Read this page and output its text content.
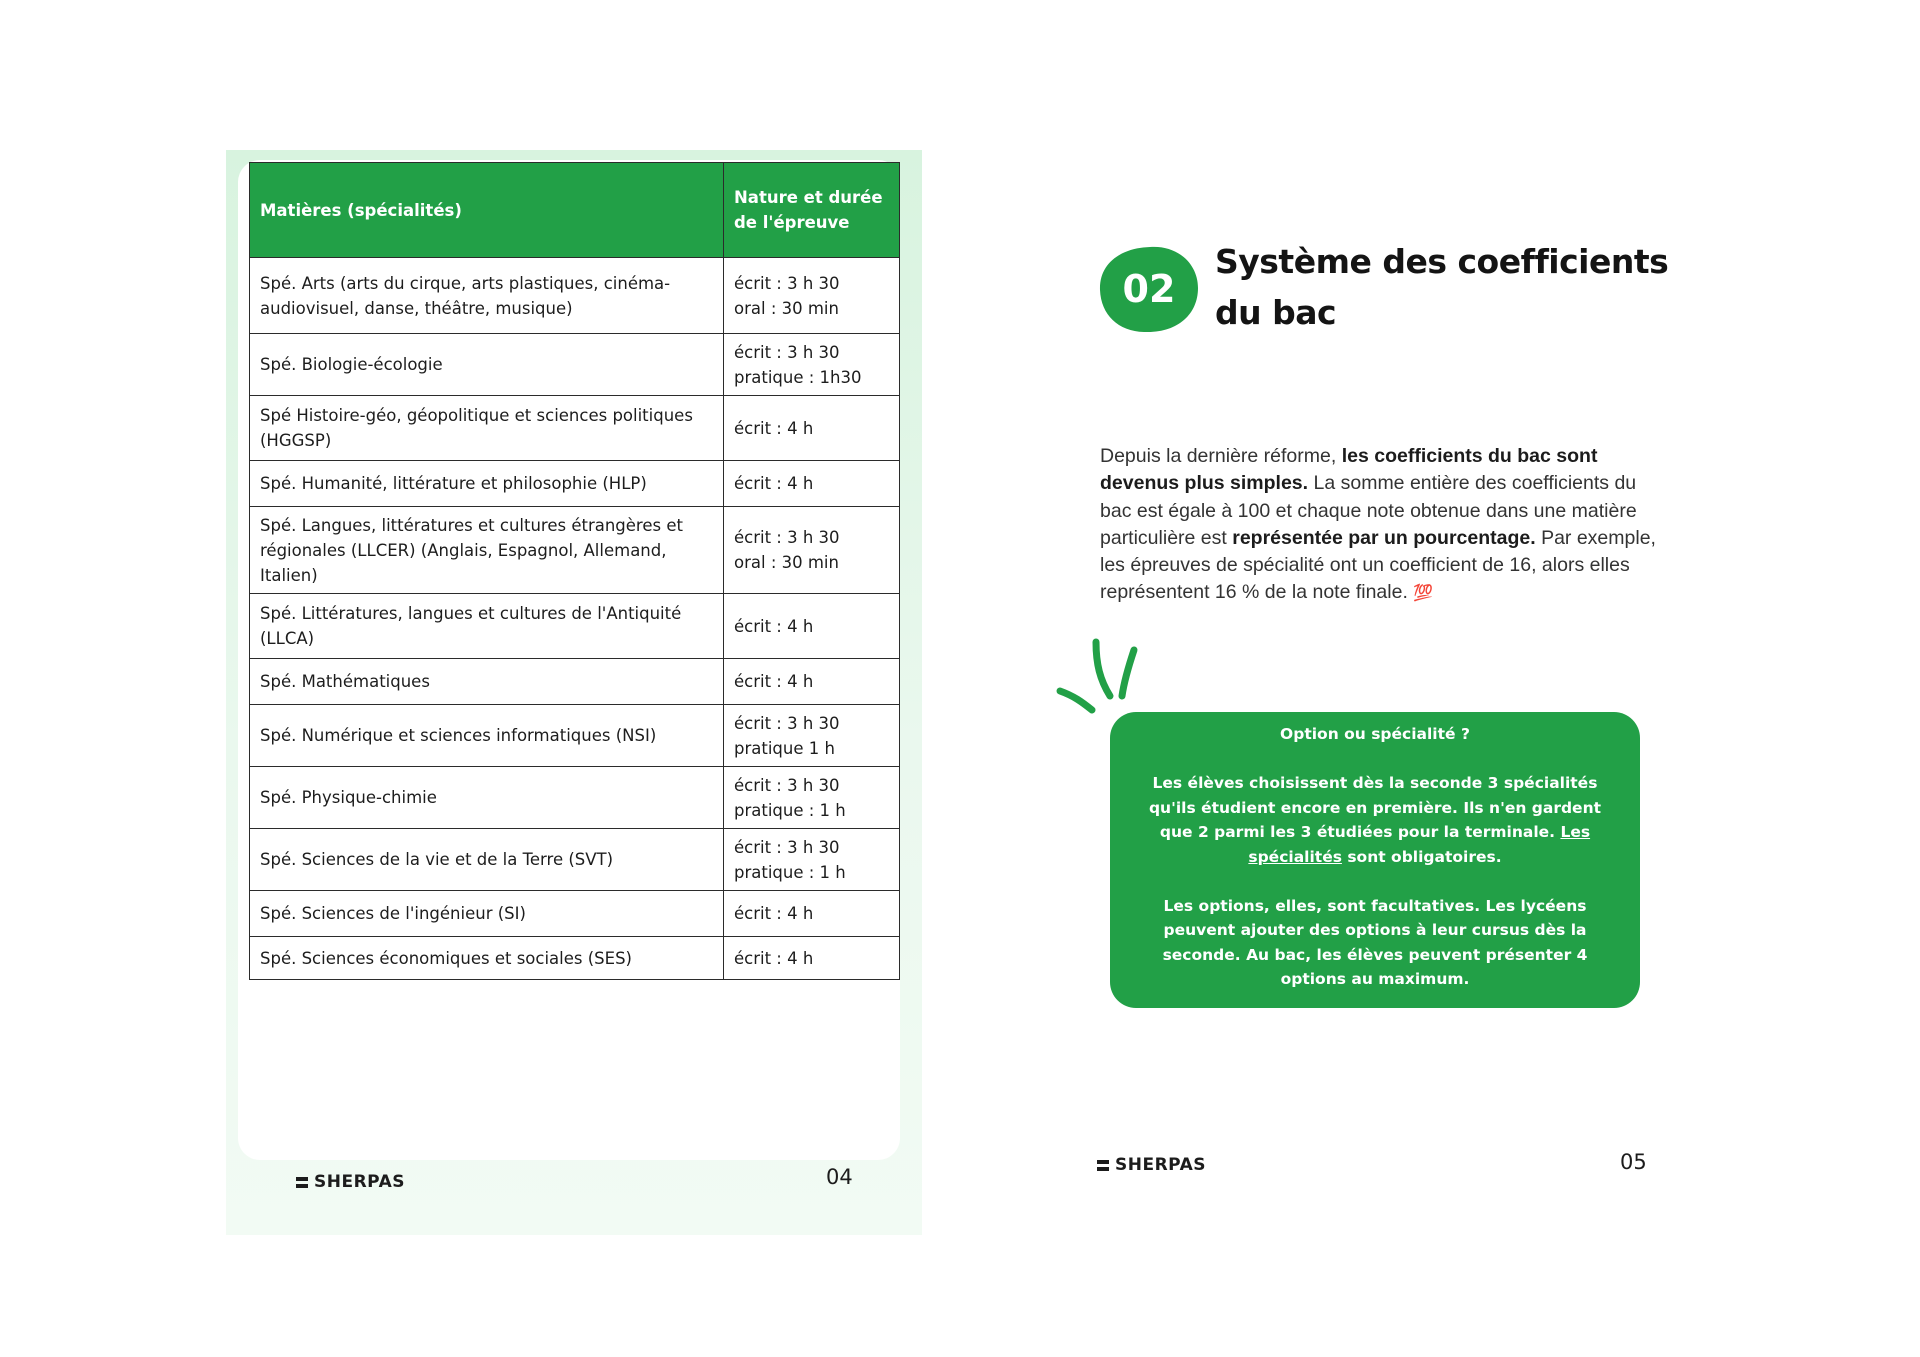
Matières (spécialités)	Nature et durée
de l'épreuve

Spé. Arts (arts du cirque, arts plastiques, cinéma-
audiovisuel, danse, théâtre, musique)	écrit : 3 h 30
oral : 30 min

Spé. Biologie-écologie	écrit : 3 h 30
pratique : 1h30

Spé Histoire-géo, géopolitique et sciences politiques
(HGGSP)	écrit : 4 h

Spé. Humanité, littérature et philosophie (HLP)	écrit : 4 h

Spé. Langues, littératures et cultures étrangères et
régionales (LLCER) (Anglais, Espagnol, Allemand,
Italien)	écrit : 3 h 30
oral : 30 min

Spé. Littératures, langues et cultures de l'Antiquité
(LLCA)	écrit : 4 h

Spé. Mathématiques	écrit : 4 h

Spé. Numérique et sciences informatiques (NSI)	écrit : 3 h 30
pratique 1 h

Spé. Physique-chimie	écrit : 3 h 30
pratique : 1 h

Spé. Sciences de la vie et de la Terre (SVT)	écrit : 3 h 30
pratique : 1 h

Spé. Sciences de l'ingénieur (SI)	écrit : 4 h

Spé. Sciences économiques et sociales (SES)	écrit : 4 h
SHERPAS	04
02
Système des coefficients du bac

Depuis la dernière réforme, les coefficients du bac sont devenus plus simples. La somme entière des coefficients du bac est égale à 100 et chaque note obtenue dans une matière particulière est représentée par un pourcentage. Par exemple, les épreuves de spécialité ont un coefficient de 16, alors elles représentent 16 % de la note finale. 💯

Option ou spécialité ?

Les élèves choisissent dès la seconde 3 spécialités qu'ils étudient encore en première. Ils n'en gardent que 2 parmi les 3 étudiées pour la terminale. Les spécialités sont obligatoires.

Les options, elles, sont facultatives. Les lycéens peuvent ajouter des options à leur cursus dès la seconde. Au bac, les élèves peuvent présenter 4 options au maximum.

SHERPAS	05
